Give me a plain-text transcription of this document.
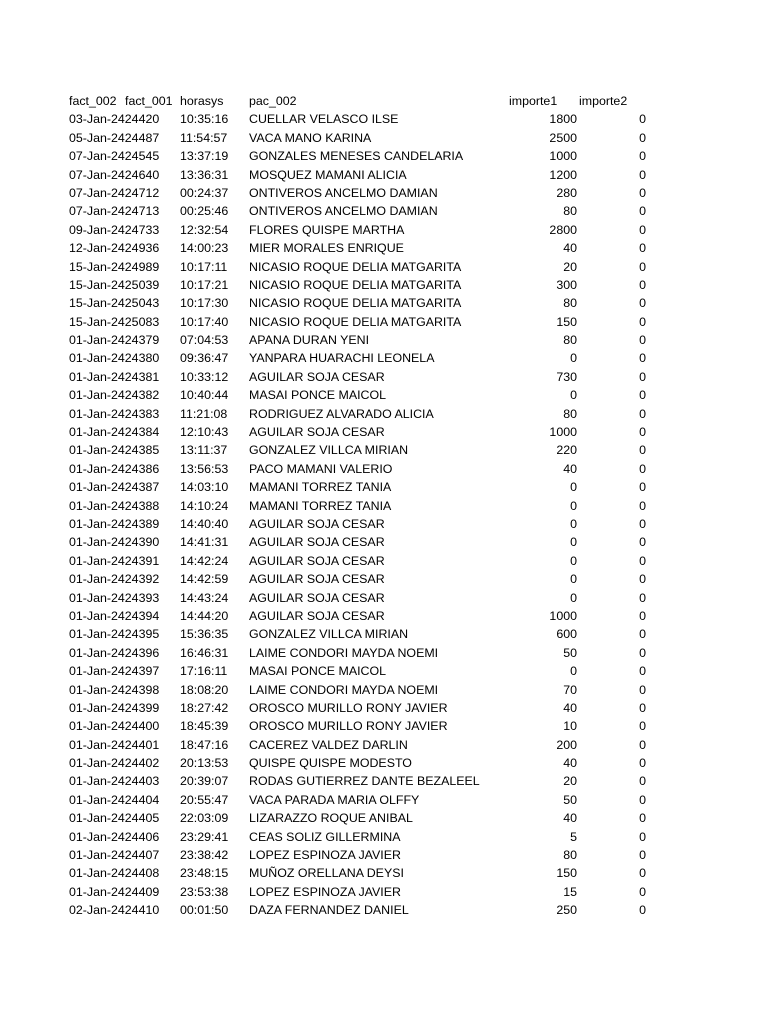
fact_002 fact_001 horasys pac_002	importe1 importe2
03-Jan-2424420 10:35:16 CUELLAR VELASCO ILSE	1800	0
05-Jan-2424487 11:54:57 VACA MANO KARINA	2500	0
07-Jan-2424545 13:37:19 GONZALES MENESES CANDELARIA	1000	0
07-Jan-2424640 13:36:31 MOSQUEZ MAMANI ALICIA	1200	0
07-Jan-2424712 00:24:37 ONTIVEROS ANCELMO DAMIAN	280	0
07-Jan-2424713 00:25:46 ONTIVEROS ANCELMO DAMIAN	80	0
09-Jan-2424733 12:32:54 FLORES QUISPE MARTHA	2800	0
12-Jan-2424936 14:00:23 MIER MORALES ENRIQUE	40	0
15-Jan-2424989 10:17:11 NICASIO ROQUE DELIA MATGARITA	20	0
15-Jan-2425039 10:17:21 NICASIO ROQUE DELIA MATGARITA	300	0
15-Jan-2425043 10:17:30 NICASIO ROQUE DELIA MATGARITA	80	0
15-Jan-2425083 10:17:40 NICASIO ROQUE DELIA MATGARITA	150	0
01-Jan-2424379 07:04:53 APANA DURAN YENI	80	0
01-Jan-2424380 09:36:47 YANPARA HUARACHI LEONELA	0	0
01-Jan-2424381 10:33:12 AGUILAR SOJA CESAR	730	0
01-Jan-2424382 10:40:44 MASAI PONCE MAICOL	0	0
01-Jan-2424383 11:21:08 RODRIGUEZ ALVARADO ALICIA	80	0
01-Jan-2424384 12:10:43 AGUILAR SOJA CESAR	1000	0
01-Jan-2424385 13:11:37 GONZALEZ VILLCA MIRIAN	220	0
01-Jan-2424386 13:56:53 PACO MAMANI VALERIO	40	0
01-Jan-2424387 14:03:10 MAMANI TORREZ TANIA	0	0
01-Jan-2424388 14:10:24 MAMANI TORREZ TANIA	0	0
01-Jan-2424389 14:40:40 AGUILAR SOJA CESAR	0	0
01-Jan-2424390 14:41:31 AGUILAR SOJA CESAR	0	0
01-Jan-2424391 14:42:24 AGUILAR SOJA CESAR	0	0
01-Jan-2424392 14:42:59 AGUILAR SOJA CESAR	0	0
01-Jan-2424393 14:43:24 AGUILAR SOJA CESAR	0	0
01-Jan-2424394 14:44:20 AGUILAR SOJA CESAR	1000	0
01-Jan-2424395 15:36:35 GONZALEZ VILLCA MIRIAN	600	0
01-Jan-2424396 16:46:31 LAIME CONDORI MAYDA NOEMI	50	0
01-Jan-2424397 17:16:11 MASAI PONCE MAICOL	0	0
01-Jan-2424398 18:08:20 LAIME CONDORI MAYDA NOEMI	70	0
01-Jan-2424399 18:27:42 OROSCO MURILLO RONY JAVIER	40	0
01-Jan-2424400 18:45:39 OROSCO MURILLO RONY JAVIER	10	0
01-Jan-2424401 18:47:16 CACEREZ VALDEZ DARLIN	200	0
01-Jan-2424402 20:13:53 QUISPE QUISPE MODESTO	40	0
01-Jan-2424403 20:39:07 RODAS GUTIERREZ DANTE BEZALEEL	20	0
01-Jan-2424404 20:55:47 VACA PARADA MARIA OLFFY	50	0
01-Jan-2424405 22:03:09 LIZARAZZO ROQUE ANIBAL	40	0
01-Jan-2424406 23:29:41 CEAS SOLIZ GILLERMINA	5	0
01-Jan-2424407 23:38:42 LOPEZ ESPINOZA JAVIER	80	0
01-Jan-2424408 23:48:15 MUÑOZ ORELLANA DEYSI	150	0
01-Jan-2424409 23:53:38 LOPEZ ESPINOZA JAVIER	15	0
02-Jan-2424410 00:01:50 DAZA FERNANDEZ DANIEL	250	0
